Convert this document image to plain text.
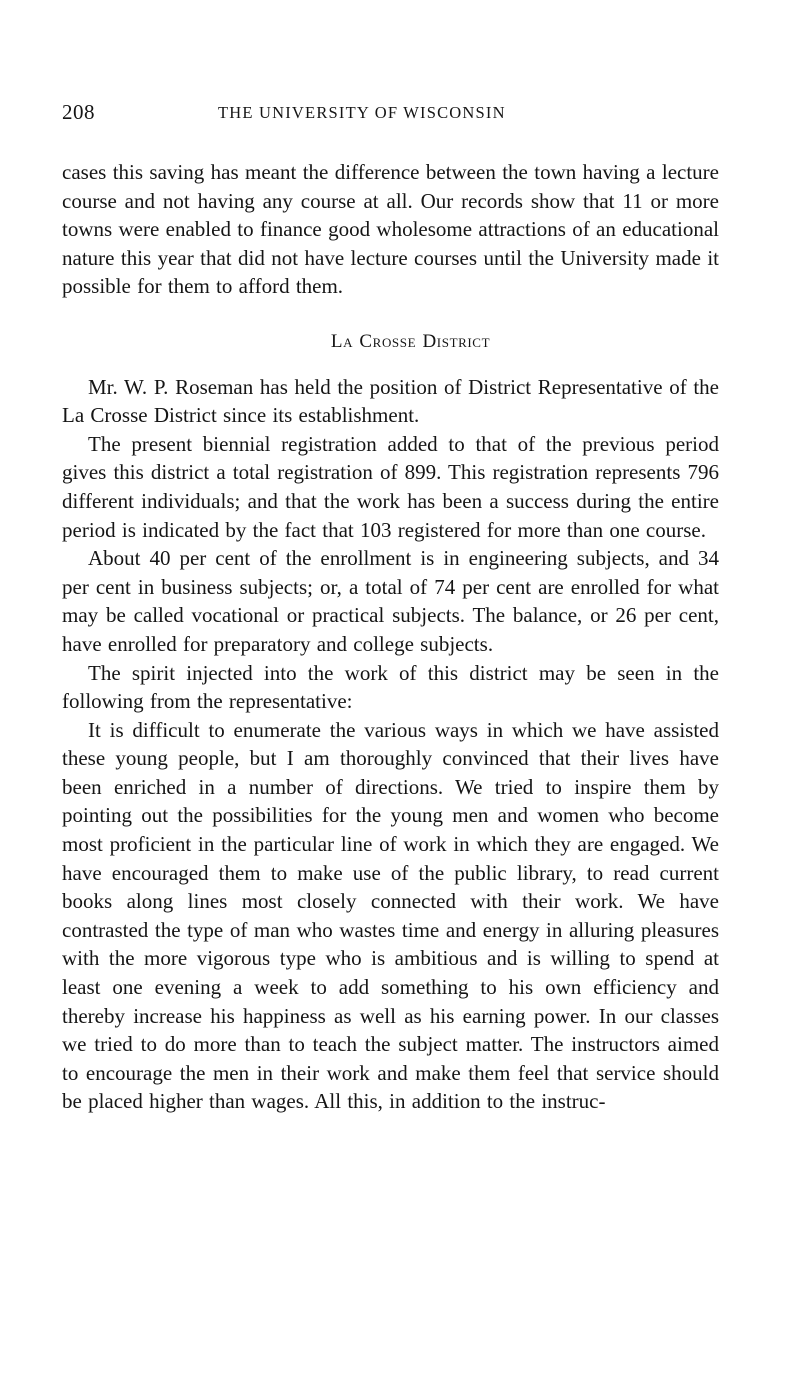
208	THE UNIVERSITY OF WISCONSIN

cases this saving has meant the difference between the town having a lecture course and not having any course at all. Our records show that 11 or more towns were enabled to finance good wholesome attractions of an educational nature this year that did not have lecture courses until the University made it possible for them to afford them.

La Crosse District

Mr. W. P. Roseman has held the position of District Representative of the La Crosse District since its establishment.

The present biennial registration added to that of the previous period gives this district a total registration of 899. This registration represents 796 different individuals; and that the work has been a success during the entire period is indicated by the fact that 103 registered for more than one course.

About 40 per cent of the enrollment is in engineering subjects, and 34 per cent in business subjects; or, a total of 74 per cent are enrolled for what may be called vocational or practical subjects. The balance, or 26 per cent, have enrolled for preparatory and college subjects.

The spirit injected into the work of this district may be seen in the following from the representative:

It is difficult to enumerate the various ways in which we have assisted these young people, but I am thoroughly convinced that their lives have been enriched in a number of directions. We tried to inspire them by pointing out the possibilities for the young men and women who become most proficient in the particular line of work in which they are engaged. We have encouraged them to make use of the public library, to read current books along lines most closely connected with their work. We have contrasted the type of man who wastes time and energy in alluring pleasures with the more vigorous type who is ambitious and is willing to spend at least one evening a week to add something to his own efficiency and thereby increase his happiness as well as his earning power. In our classes we tried to do more than to teach the subject matter. The instructors aimed to encourage the men in their work and make them feel that service should be placed higher than wages. All this, in addition to the instruc-
